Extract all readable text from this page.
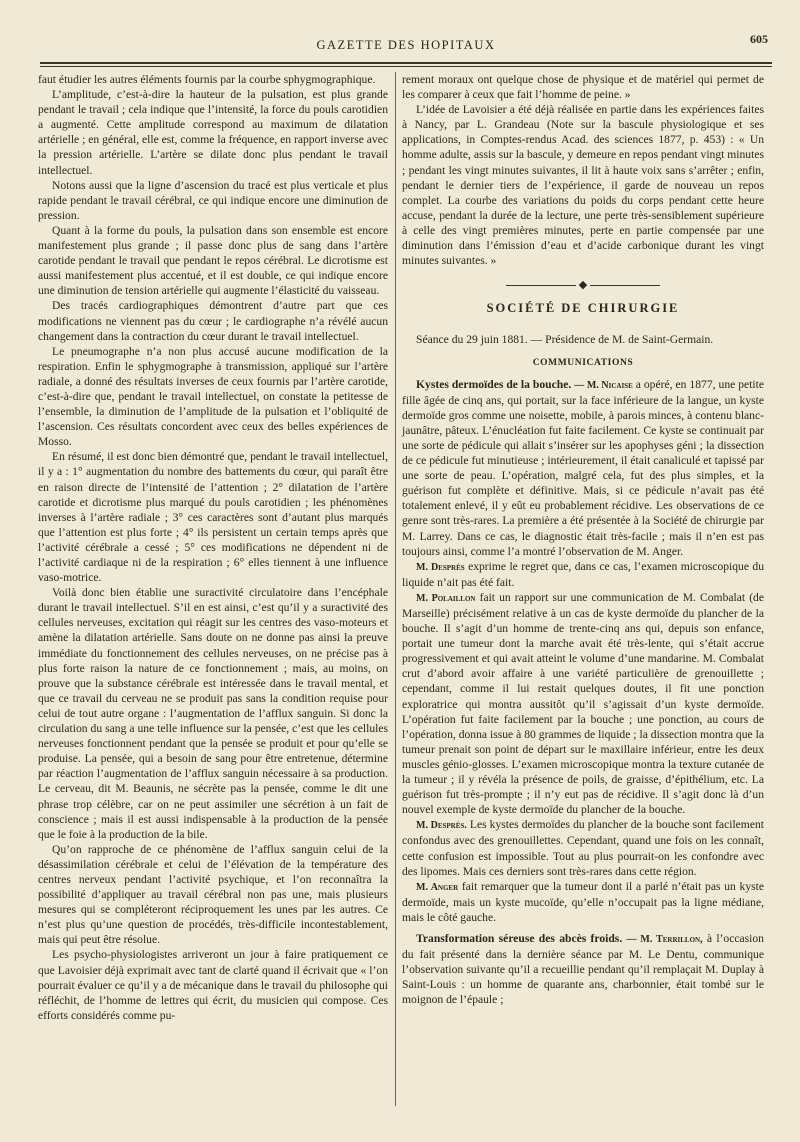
GAZETTE DES HOPITAUX	605

faut étudier les autres éléments fournis par la courbe sphygmographique.

L’amplitude, c’est-à-dire la hauteur de la pulsation, est plus grande pendant le travail ; cela indique que l’intensité, la force du pouls carotidien a augmenté. Cette amplitude correspond au maximum de dilatation artérielle ; en général, elle est, comme la fréquence, en rapport inverse avec la pression artérielle. L’artère se dilate donc plus pendant le travail intellectuel.

Notons aussi que la ligne d’ascension du tracé est plus verticale et plus rapide pendant le travail cérébral, ce qui indique encore une diminution de pression.

Quant à la forme du pouls, la pulsation dans son ensemble est encore manifestement plus grande ; il passe donc plus de sang dans l’artère carotide pendant le travail que pendant le repos cérébral. Le dicrotisme est aussi manifestement plus accentué, et il est double, ce qui indique encore une diminution de tension artérielle qui augmente l’élasticité du vaisseau.

Des tracés cardiographiques démontrent d’autre part que ces modifications ne viennent pas du cœur ; le cardiographe n’a révélé aucun changement dans la contraction du cœur durant le travail intellectuel.

Le pneumographe n’a non plus accusé aucune modification de la respiration. Enfin le sphygmographe à transmission, appliqué sur l’artère radiale, a donné des résultats inverses de ceux fournis par l’artère carotide, c’est-à-dire que, pendant le travail intellectuel, on constate la petitesse de l’ensemble, la diminution de l’amplitude de la pulsation et l’obliquité de l’ascension. Ces résultats concordent avec ceux des belles expériences de Mosso.

En résumé, il est donc bien démontré que, pendant le travail intellectuel, il y a : 1° augmentation du nombre des battements du cœur, qui paraît être en raison directe de l’intensité de l’attention ; 2° dilatation de l’artère carotide et dicrotisme plus marqué du pouls carotidien ; les phénomènes inverses à l’artère radiale ; 3° ces caractères sont d’autant plus marqués que l’attention est plus forte ; 4° ils persistent un certain temps après que l’activité cérébrale a cessé ; 5° ces modifications ne dépendent ni de l’activité cardiaque ni de la respiration ; 6° elles tiennent à une influence vaso-motrice.

Voilà donc bien établie une suractivité circulatoire dans l’encéphale durant le travail intellectuel. S’il en est ainsi, c’est qu’il y a suractivité des cellules nerveuses, excitation qui réagit sur les centres des vaso-moteurs et amène la dilatation artérielle. Sans doute on ne donne pas ainsi la preuve immédiate du fonctionnement des cellules nerveuses, on ne précise pas à plus forte raison la nature de ce fonctionnement ; mais, au moins, on prouve que la substance cérébrale est intéressée dans le travail mental, et que ce travail du cerveau ne se produit pas sans la condition requise pour celui de tout autre organe : l’augmentation de l’afflux sanguin. Si donc la circulation du sang a une telle influence sur la pensée, c’est que les cellules nerveuses fonctionnent pendant que la pensée se produit et pour qu’elle se produise. La pensée, qui a besoin de sang pour être entretenue, détermine par réaction l’augmentation de l’afflux sanguin nécessaire à sa production. Le cerveau, dit M. Beaunis, ne sécrète pas la pensée, comme le dit une phrase trop célèbre, car on ne peut assimiler une sécrétion à un fait de conscience ; mais il est aussi indispensable à la production de la pensée que le foie à la production de la bile.

Qu’on rapproche de ce phénomène de l’afflux sanguin celui de la désassimilation cérébrale et celui de l’élévation de la température des centres nerveux pendant l’activité psychique, et l’on reconnaîtra la possibilité d’appliquer au travail cérébral non pas une, mais plusieurs mesures qui se compléteront réciproquement les unes par les autres. Ce n’est plus qu’une question de procédés, très-difficile incontestablement, mais qui peut être résolue.

Les psycho-physiologistes arriveront un jour à faire pratiquement ce que Lavoisier déjà exprimait avec tant de clarté quand il écrivait que « l’on pourrait évaluer ce qu’il y a de mécanique dans le travail du philosophe qui réfléchit, de l’homme de lettres qui écrit, du musicien qui compose. Ces efforts considérés comme pu-

rement moraux ont quelque chose de physique et de matériel qui permet de les comparer à ceux que fait l’homme de peine. »

L’idée de Lavoisier a été déjà réalisée en partie dans les expériences faites à Nancy, par L. Grandeau (Note sur la bascule physiologique et ses applications, in Comptes-rendus Acad. des sciences 1877, p. 453) : « Un homme adulte, assis sur la bascule, y demeure en repos pendant vingt minutes ; pendant les vingt minutes suivantes, il lit à haute voix sans s’arrêter ; enfin, pendant le dernier tiers de l’expérience, il garde de nouveau un repos complet. La courbe des variations du poids du corps pendant cette heure accuse, pendant la durée de la lecture, une perte très-sensiblement supérieure à celle des vingt premières minutes, perte en partie compensée par une diminution dans l’émission d’eau et d’acide carbonique durant les vingt minutes suivantes. »

◆
SOCIÉTÉ DE CHIRURGIE

Séance du 29 juin 1881. — Présidence de M. de Saint-Germain.

COMMUNICATIONS

Kystes dermoïdes de la bouche. — M. Nicaise a opéré, en 1877, une petite fille âgée de cinq ans, qui portait, sur la face inférieure de la langue, un kyste dermoïde gros comme une noisette, mobile, à parois minces, à contenu blanc-jaunâtre, pâteux. L’énucléation fut faite facilement. Ce kyste se continuait par une sorte de pédicule qui allait s’insérer sur les apophyses géni ; la dissection de ce pédicule fut minutieuse ; intérieurement, il était canaliculé et tapissé par une sorte de peau. L’opération, malgré cela, fut des plus simples, et la guérison fut complète et définitive. Mais, si ce pédicule n’avait pas été totalement enlevé, il y eût eu probablement récidive. Les observations de ce genre sont très-rares. La première a été présentée à la Société de chirurgie par M. Larrey. Dans ce cas, le diagnostic était très-facile ; mais il n’en est pas toujours ainsi, comme l’a montré l’observation de M. Anger.

M. Desprès exprime le regret que, dans ce cas, l’examen microscopique du liquide n’ait pas été fait.

M. Polaillon fait un rapport sur une communication de M. Combalat (de Marseille) précisément relative à un cas de kyste dermoïde du plancher de la bouche. Il s’agit d’un homme de trente-cinq ans qui, depuis son enfance, portait une tumeur dont la marche avait été très-lente, qui s’était accrue progressivement et qui avait atteint le volume d’une mandarine. M. Combalat crut d’abord avoir affaire à une variété particulière de grenouillette ; cependant, comme il lui restait quelques doutes, il fit une ponction exploratrice qui montra aussitôt qu’il s’agissait d’un kyste dermoïde. L’opération fut faite facilement par la bouche ; une ponction, au cours de l’opération, donna issue à 80 grammes de liquide ; la dissection montra que la tumeur prenait son point de départ sur le maxillaire inférieur, entre les deux muscles génio-glosses. L’examen microscopique montra la texture cutanée de la tumeur ; il y révéla la présence de poils, de graisse, d’épithélium, etc. La guérison fut très-prompte ; il n’y eut pas de récidive. Il s’agit donc là d’un nouvel exemple de kyste dermoïde du plancher de la bouche.

M. Desprès. Les kystes dermoïdes du plancher de la bouche sont facilement confondus avec des grenouillettes. Cependant, quand une fois on les connaît, cette confusion est impossible. Tout au plus pourrait-on les confondre avec des lipomes. Mais ces derniers sont très-rares dans cette région.

M. Anger fait remarquer que la tumeur dont il a parlé n’était pas un kyste dermoïde, mais un kyste mucoïde, qu’elle n’occupait pas la ligne médiane, mais le côté gauche.

Transformation séreuse des abcès froids. — M. Terrillon, à l’occasion du fait présenté dans la dernière séance par M. Le Dentu, communique l’observation suivante qu’il a recueillie pendant qu’il remplaçait M. Duplay à Saint-Louis : un homme de quarante ans, charbonnier, était tombé sur le moignon de l’épaule ;
